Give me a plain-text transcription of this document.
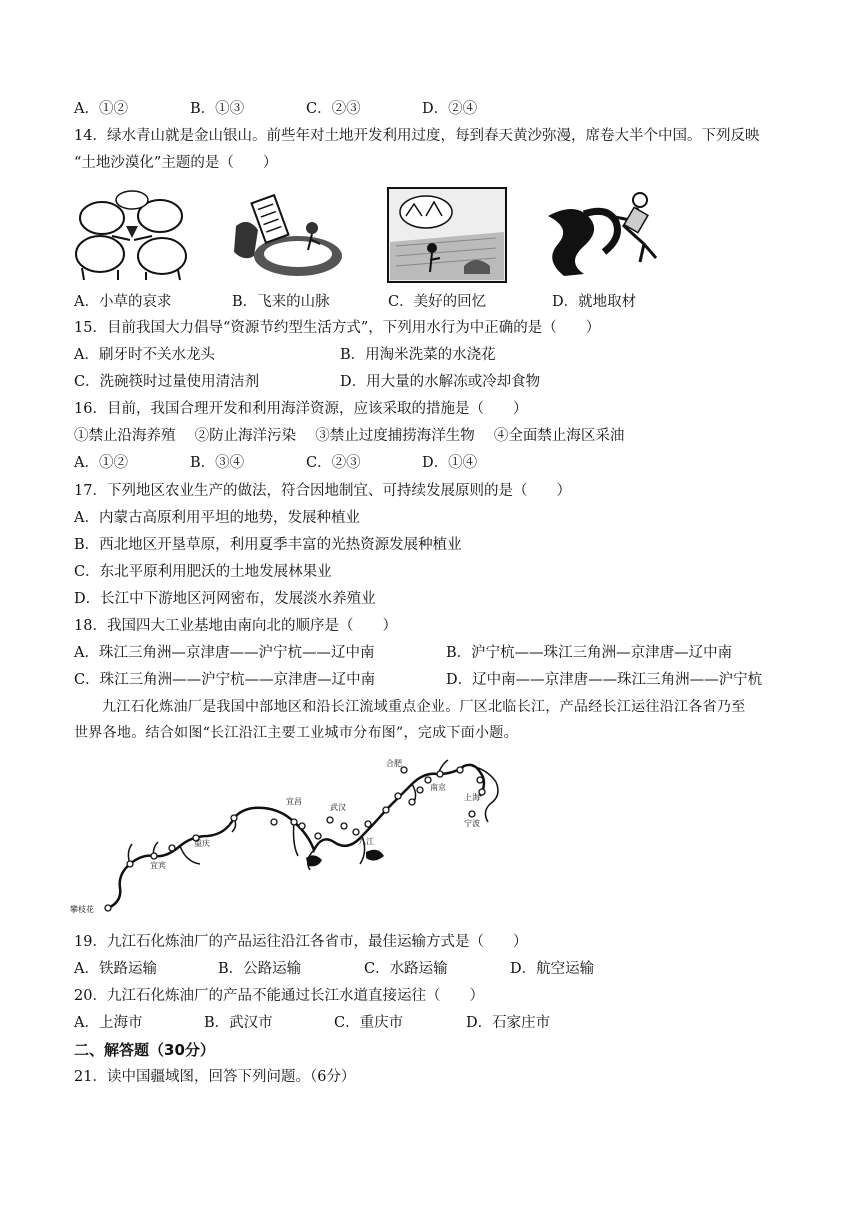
A．①②	B．①③	C．②③	D．②④
14．绿水青山就是金山银山。前些年对土地开发利用过度，每到春天黄沙弥漫，席卷大半个中国。下列反映
“土地沙漠化”主题的是（　　）
A．小草的哀求	B．飞来的山脉	C．美好的回忆	D．就地取材
15．目前我国大力倡导“资源节约型生活方式”，下列用水行为中正确的是（　　）
A．刷牙时不关水龙头	B．用淘米洗菜的水浇花
C．洗碗筷时过量使用清洁剂	D．用大量的水解冻或冷却食物
16．目前，我国合理开发和利用海洋资源，应该采取的措施是（　　）
①禁止沿海养殖　 ②防止海洋污染　 ③禁止过度捕捞海洋生物　 ④全面禁止海区采油
A．①②	B．③④	C．②③	D．①④
17．下列地区农业生产的做法，符合因地制宜、可持续发展原则的是（　　）
A．内蒙古高原利用平坦的地势，发展种植业
B．西北地区开垦草原，利用夏季丰富的光热资源发展种植业
C．东北平原利用肥沃的土地发展林果业
D．长江中下游地区河网密布，发展淡水养殖业
18．我国四大工业基地由南向北的顺序是（　　）
A．珠江三角洲—京津唐——沪宁杭——辽中南	B．沪宁杭——珠江三角洲—京津唐—辽中南
C．珠江三角洲——沪宁杭——京津唐—辽中南	D．辽中南——京津唐——珠江三角洲——沪宁杭
九江石化炼油厂是我国中部地区和沿长江流域重点企业。厂区北临长江，产品经长江运往沿江各省乃至
世界各地。结合如图“长江沿江主要工业城市分布图”，完成下面小题。
合肥
南京
上海
宁波
宜昌
武汉
九江
重庆
宜宾
攀枝花
19．九江石化炼油厂的产品运往沿江各省市，最佳运输方式是（　　）
A．铁路运输	B．公路运输	C．水路运输	D．航空运输
20．九江石化炼油厂的产品不能通过长江水道直接运往（　　）
A．上海市	B．武汉市	C．重庆市	D．石家庄市
二、解答题（30分）
21．读中国疆域图，回答下列问题。（6分）
